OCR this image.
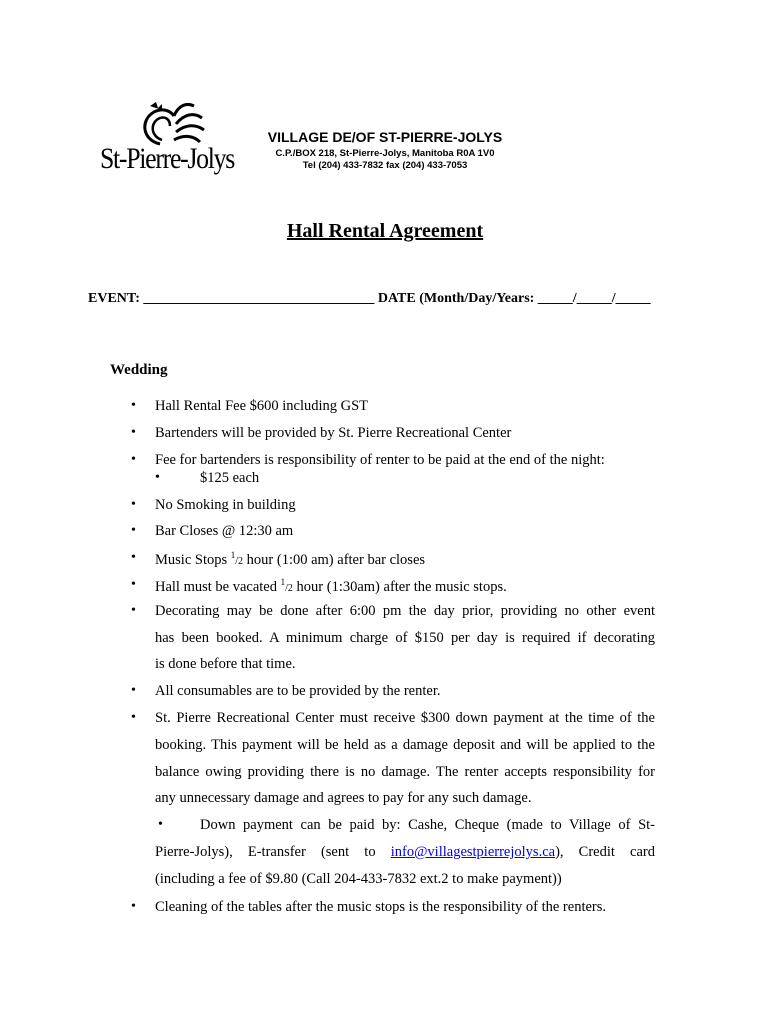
St-Pierre-Jolys
VILLAGE DE/OF ST-PIERRE-JOLYS
C.P./BOX 218, St-Pierre-Jolys, Manitoba R0A 1V0
Tel (204) 433-7832 fax (204) 433-7053
Hall Rental Agreement
EVENT: _________________________________ DATE (Month/Day/Years: _____/_____/_____
Wedding
• Hall Rental Fee $600 including GST
• Bartenders will be provided by St. Pierre Recreational Center
• Fee for bartenders is responsibility of renter to be paid at the end of the night:
•	$125 each
• No Smoking in building
• Bar Closes @ 12:30 am
• Music Stops $^1$/2 hour (1:00 am) after bar closes
• Hall must be vacated $^1$/2 hour (1:30am) after the music stops.
• Decorating may be done after 6:00 pm the day prior, providing no other event
has been booked. A minimum charge of $150 per day is required if decorating
is done before that time.
• All consumables are to be provided by the renter.
• St. Pierre Recreational Center must receive $300 down payment at the time of the
booking. This payment will be held as a damage deposit and will be applied to the
balance owing providing there is no damage. The renter accepts responsibility for
any unnecessary damage and agrees to pay for any such damage.
•	Down payment can be paid by: Cashe, Cheque (made to Village of St-
Pierre-Jolys), E-transfer (sent to info@villagestpierrejolys.ca), Credit card
(including a fee of $9.80 (Call 204-433-7832 ext.2 to make payment))
• Cleaning of the tables after the music stops is the responsibility of the renters.
